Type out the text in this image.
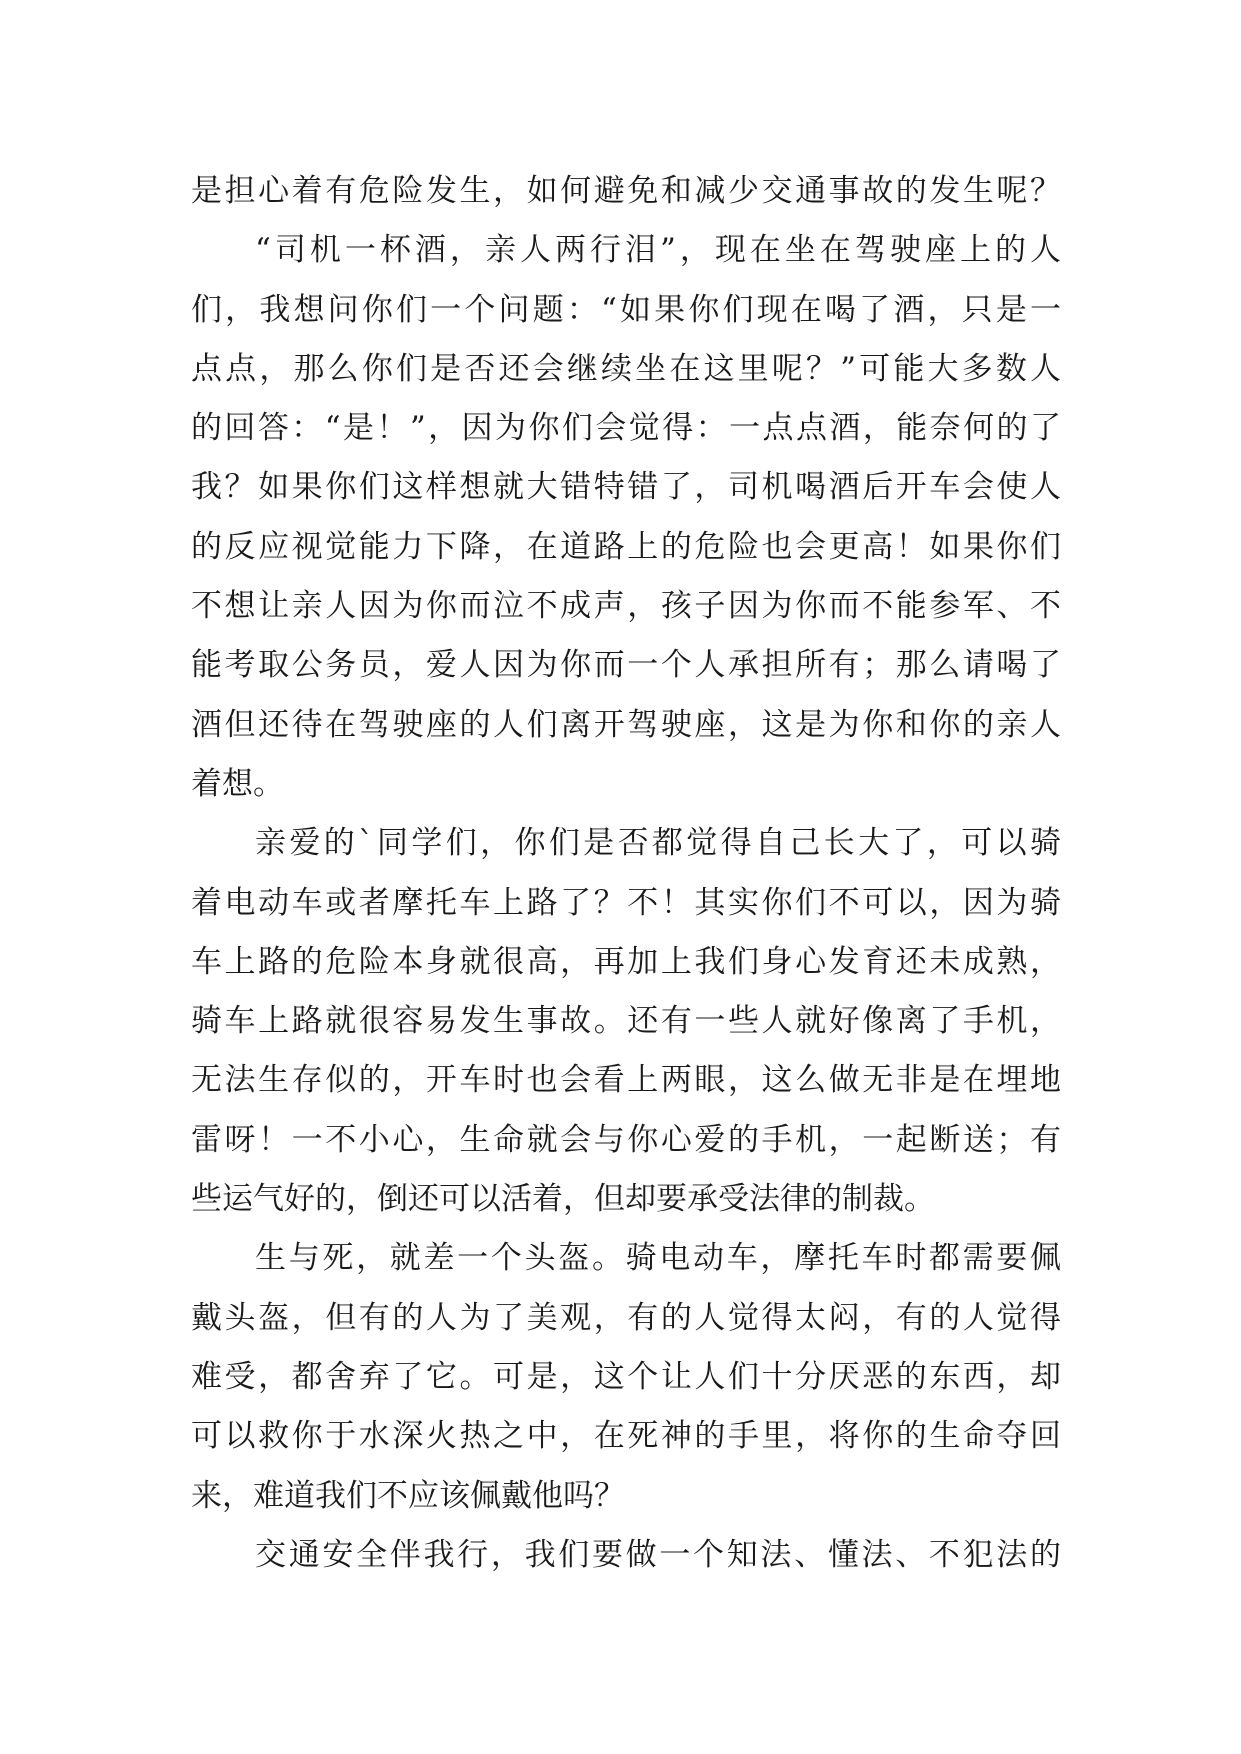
是担心着有危险发生，如何避免和减少交通事故的发生呢？
“司机一杯酒，亲人两行泪”，现在坐在驾驶座上的人
们，我想问你们一个问题：“如果你们现在喝了酒，只是一
点点，那么你们是否还会继续坐在这里呢？”可能大多数人
的回答：“是！”，因为你们会觉得：一点点酒，能奈何的了
我？如果你们这样想就大错特错了，司机喝酒后开车会使人
的反应视觉能力下降，在道路上的危险也会更高！如果你们
不想让亲人因为你而泣不成声，孩子因为你而不能参军、不
能考取公务员，爱人因为你而一个人承担所有；那么请喝了
酒但还待在驾驶座的人们离开驾驶座，这是为你和你的亲人
着想。
亲爱的`同学们，你们是否都觉得自己长大了，可以骑
着电动车或者摩托车上路了？不！其实你们不可以，因为骑
车上路的危险本身就很高，再加上我们身心发育还未成熟，
骑车上路就很容易发生事故。还有一些人就好像离了手机，
无法生存似的，开车时也会看上两眼，这么做无非是在埋地
雷呀！一不小心，生命就会与你心爱的手机，一起断送；有
些运气好的，倒还可以活着，但却要承受法律的制裁。
生与死，就差一个头盔。骑电动车，摩托车时都需要佩
戴头盔，但有的人为了美观，有的人觉得太闷，有的人觉得
难受，都舍弃了它。可是，这个让人们十分厌恶的东西，却
可以救你于水深火热之中，在死神的手里，将你的生命夺回
来，难道我们不应该佩戴他吗？
交通安全伴我行，我们要做一个知法、懂法、不犯法的
